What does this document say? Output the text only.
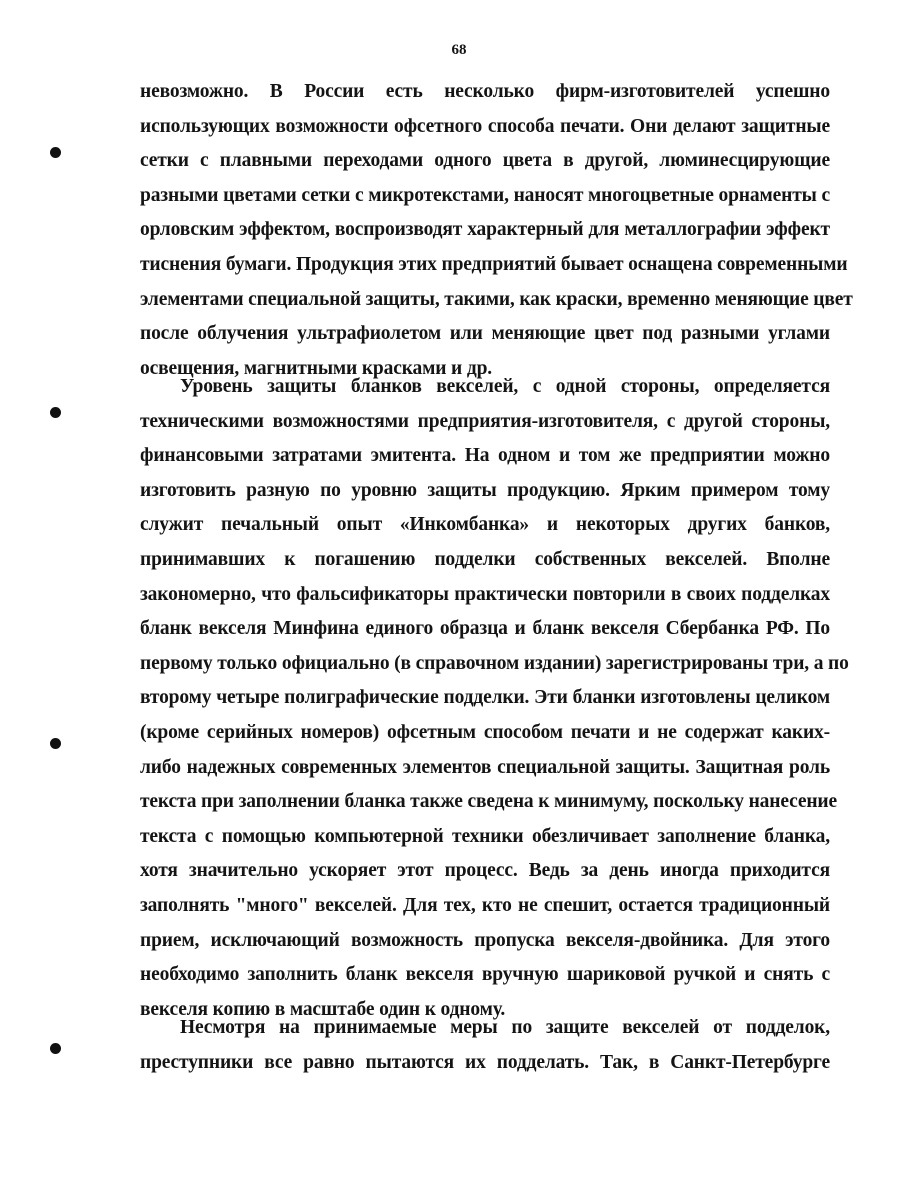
68
невозможно. В России есть несколько фирм-изготовителей успешно
использующих возможности офсетного способа печати. Они делают защитные
сетки с плавными переходами одного цвета в другой, люминесцирующие
разными цветами сетки с микротекстами, наносят многоцветные орнаменты с
орловским эффектом, воспроизводят характерный для металлографии эффект
тиснения бумаги. Продукция этих предприятий бывает оснащена современными
элементами специальной защиты, такими, как краски, временно меняющие цвет
после облучения ультрафиолетом или меняющие цвет под разными углами
освещения, магнитными красками и др.
Уровень защиты бланков векселей, с одной стороны, определяется
техническими возможностями предприятия-изготовителя, с другой стороны,
финансовыми затратами эмитента. На одном и том же предприятии можно
изготовить разную по уровню защиты продукцию. Ярким примером тому
служит печальный опыт «Инкомбанка» и некоторых других банков,
принимавших к погашению подделки собственных векселей. Вполне
закономерно, что фальсификаторы практически повторили в своих подделках
бланк векселя Минфина единого образца и бланк векселя Сбербанка РФ. По
первому только официально (в справочном издании) зарегистрированы три, а по
второму четыре полиграфические подделки. Эти бланки изготовлены целиком
(кроме серийных номеров) офсетным способом печати и не содержат каких-
либо надежных современных элементов специальной защиты. Защитная роль
текста при заполнении бланка также сведена к минимуму, поскольку нанесение
текста с помощью компьютерной техники обезличивает заполнение бланка,
хотя значительно ускоряет этот процесс. Ведь за день иногда приходится
заполнять "много" векселей. Для тех, кто не спешит, остается традиционный
прием, исключающий возможность пропуска векселя-двойника. Для этого
необходимо заполнить бланк векселя вручную шариковой ручкой и снять с
векселя копию в масштабе один к одному.
Несмотря на принимаемые меры по защите векселей от подделок,
преступники все равно пытаются их подделать. Так, в Санкт-Петербурге
